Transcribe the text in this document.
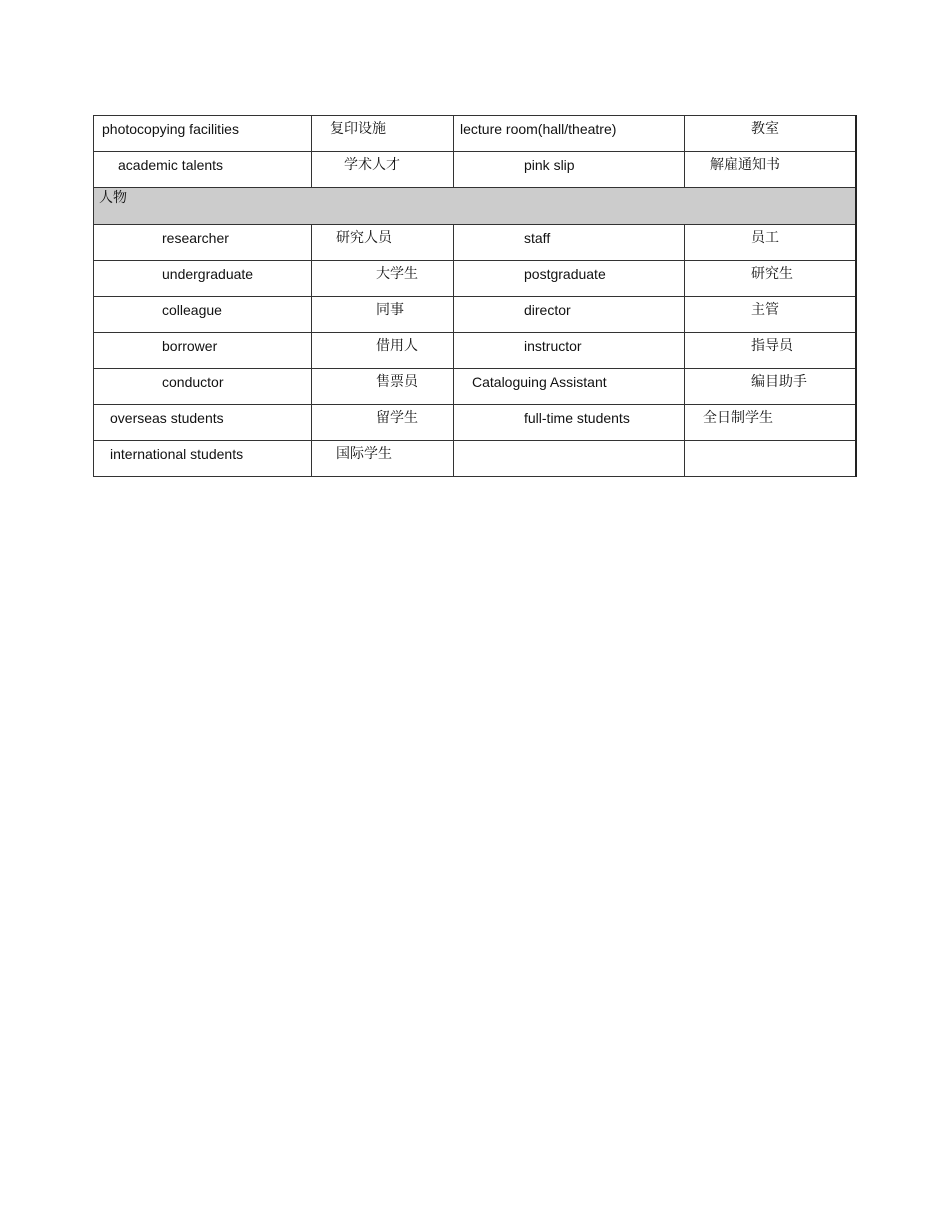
photocopying facilities	复印设施	lecture room(hall/theatre)	教室

academic talents	学术人才	pink slip	解雇通知书

人物			

researcher	研究人员	staff	员工

undergraduate	大学生	postgraduate	研究生

colleague	同事	director	主管

borrower	借用人	instructor	指导员

conductor	售票员	Cataloguing Assistant	编目助手

overseas students	留学生	full-time students	全日制学生

international students	国际学生		
